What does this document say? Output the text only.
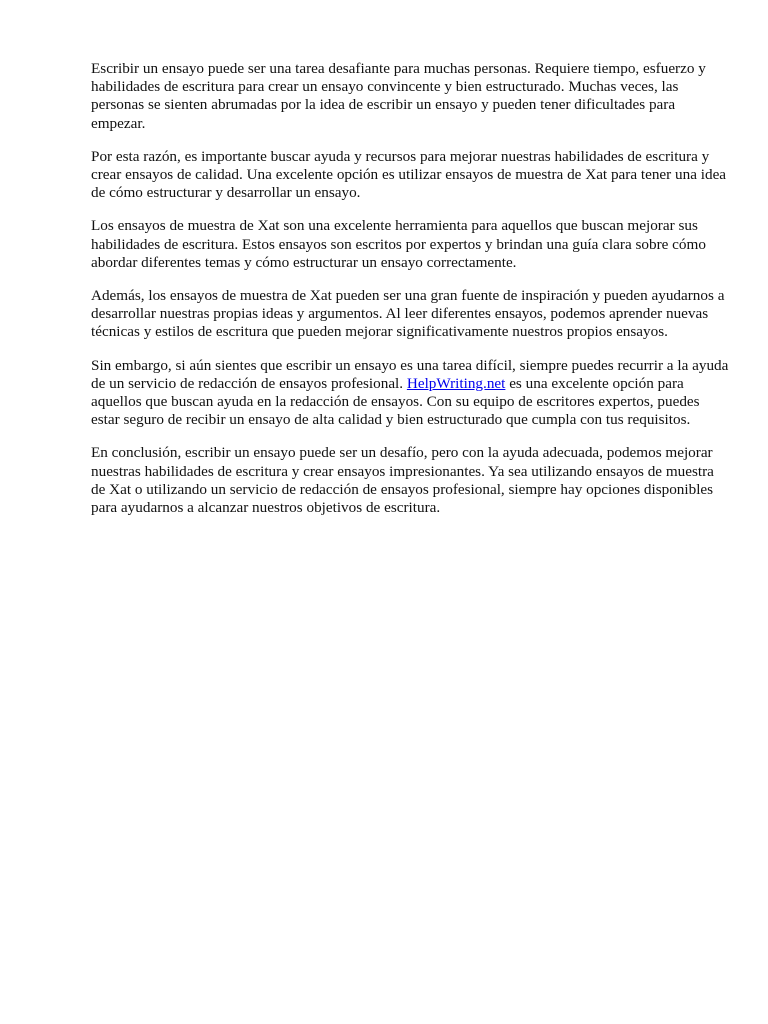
Escribir un ensayo puede ser una tarea desafiante para muchas personas. Requiere tiempo, esfuerzo y habilidades de escritura para crear un ensayo convincente y bien estructurado. Muchas veces, las personas se sienten abrumadas por la idea de escribir un ensayo y pueden tener dificultades para empezar.

Por esta razón, es importante buscar ayuda y recursos para mejorar nuestras habilidades de escritura y crear ensayos de calidad. Una excelente opción es utilizar ensayos de muestra de Xat para tener una idea de cómo estructurar y desarrollar un ensayo.

Los ensayos de muestra de Xat son una excelente herramienta para aquellos que buscan mejorar sus habilidades de escritura. Estos ensayos son escritos por expertos y brindan una guía clara sobre cómo abordar diferentes temas y cómo estructurar un ensayo correctamente.

Además, los ensayos de muestra de Xat pueden ser una gran fuente de inspiración y pueden ayudarnos a desarrollar nuestras propias ideas y argumentos. Al leer diferentes ensayos, podemos aprender nuevas técnicas y estilos de escritura que pueden mejorar significativamente nuestros propios ensayos.

Sin embargo, si aún sientes que escribir un ensayo es una tarea difícil, siempre puedes recurrir a la ayuda de un servicio de redacción de ensayos profesional. HelpWriting.net es una excelente opción para aquellos que buscan ayuda en la redacción de ensayos. Con su equipo de escritores expertos, puedes estar seguro de recibir un ensayo de alta calidad y bien estructurado que cumpla con tus requisitos.

En conclusión, escribir un ensayo puede ser un desafío, pero con la ayuda adecuada, podemos mejorar nuestras habilidades de escritura y crear ensayos impresionantes. Ya sea utilizando ensayos de muestra de Xat o utilizando un servicio de redacción de ensayos profesional, siempre hay opciones disponibles para ayudarnos a alcanzar nuestros objetivos de escritura.
